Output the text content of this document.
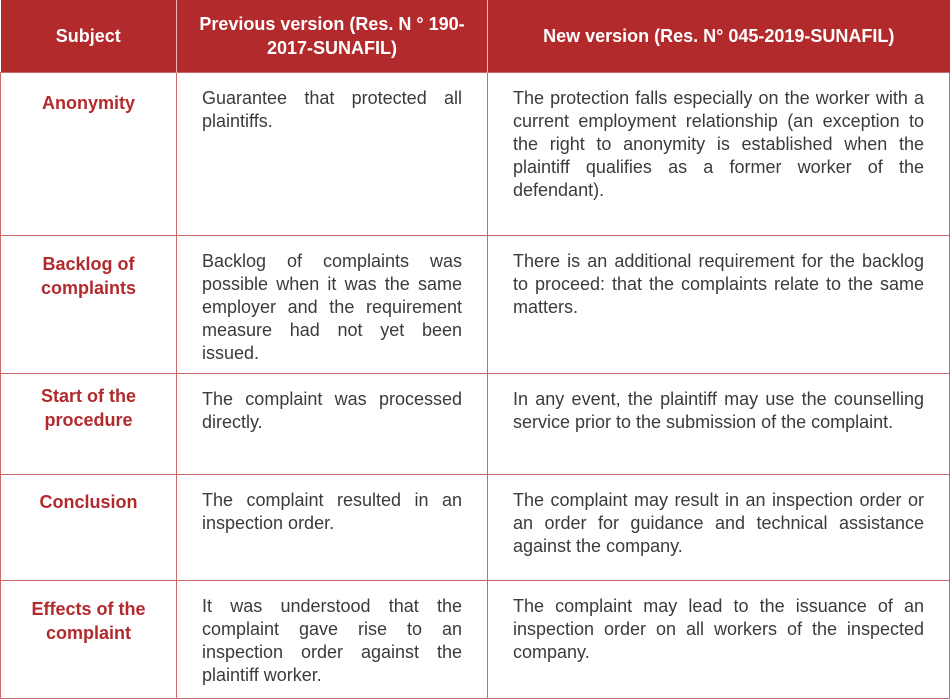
Subject	Previous version (Res. N ° 190-2017-SUNAFIL)	New version (Res. N° 045-2019-SUNAFIL)
Anonymity	Guarantee that protected all plaintiffs.	The protection falls especially on the worker with a current employment relationship (an exception to the right to anonymity is established when the plaintiff qualifies as a former worker of the defendant).
Backlog of complaints	Backlog of complaints was possible when it was the same employer and the requirement measure had not yet been issued.	There is an additional requirement for the backlog to proceed: that the complaints relate to the same matters.
Start of the procedure	The complaint was processed directly.	In any event, the plaintiff may use the counselling service prior to the submission of the complaint.
Conclusion	The complaint resulted in an inspection order.	The complaint may result in an inspection order or an order for guidance and technical assistance against the company.
Effects of the complaint	It was understood that the complaint gave rise to an inspection order against the plaintiff worker.	The complaint may lead to the issuance of an inspection order on all workers of the inspected company.
